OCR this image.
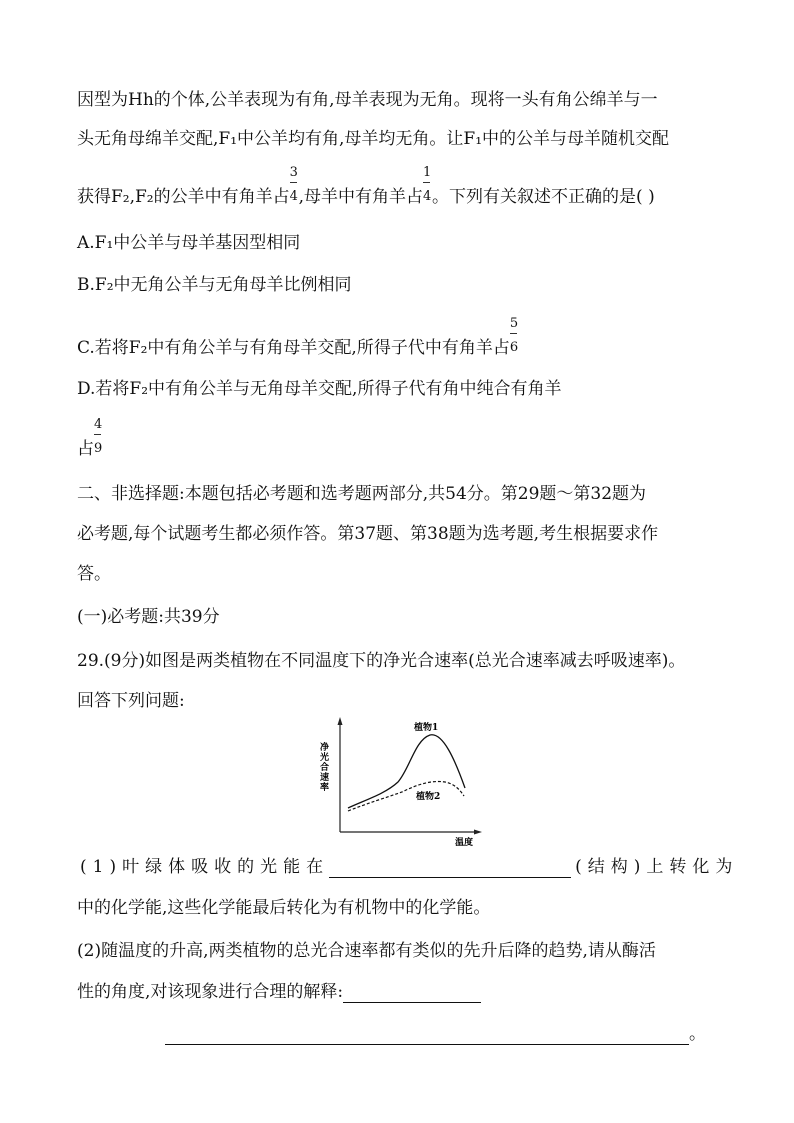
因型为Hh的个体,公羊表现为有角,母羊表现为无角。现将一头有角公绵羊与一
头无角母绵羊交配,F₁中公羊均有角,母羊均无角。让F₁中的公羊与母羊随机交配
获得F₂,F₂的公羊中有角羊占 $\frac{3}{4}$ ,母羊中有角羊占 $\frac{1}{4}$ 。下列有关叙述不正确的是( )
A.F₁中公羊与母羊基因型相同
B.F₂中无角公羊与无角母羊比例相同
C.若将F₂中有角公羊与有角母羊交配,所得子代中有角羊占 $\frac{5}{6}$
D.若将F₂中有角公羊与无角母羊交配,所得子代有角中纯合有角羊
占 $\frac{4}{9}$
二、非选择题:本题包括必考题和选考题两部分,共54分。第29题～第32题为
必考题,每个试题考生都必须作答。第37题、第38题为选考题,考生根据要求作
答。
(一)必考题:共39分
29.(9分)如图是两类植物在不同温度下的净光合速率(总光合速率减去呼吸速率)。
回答下列问题:
净
光
合
速
率
温度
植物1
植物2
(1)叶绿体吸收的光能在	(结构)上转化为
中的化学能,这些化学能最后转化为有机物中的化学能。
(2)随温度的升高,两类植物的总光合速率都有类似的先升后降的趋势,请从酶活
性的角度,对该现象进行合理的解释:
。
